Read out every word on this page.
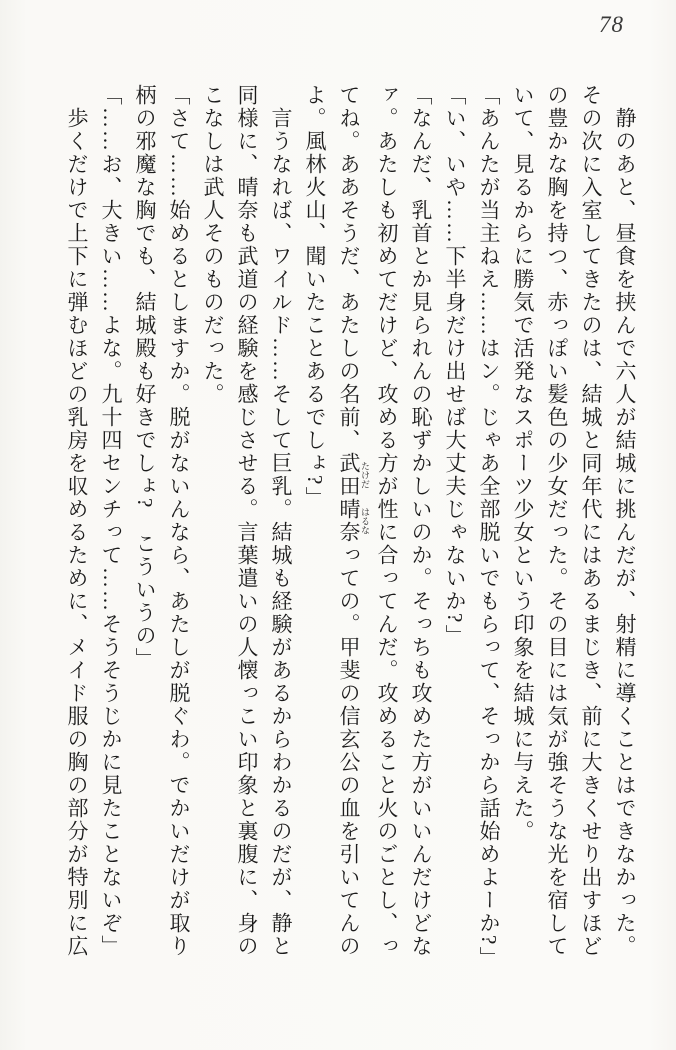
78

静のあと、昼食を挟んで六人が結城に挑んだが、射精に導くことはできなかった。

その次に入室してきたのは、結城と同年代にはあるまじき、前に大きくせり出すほど

の豊かな胸を持つ、赤っぽい髪色の少女だった。その目には気が強そうな光を宿して

いて、見るからに勝気で活発なスポーツ少女という印象を結城に与えた。

「あんたが当主ねえ……はン。じゃあ全部脱いでもらって、そっから話始めよーか?」

「い、いや……下半身だけ出せば大丈夫じゃないか?」

「なんだ、乳首とか見られんの恥ずかしいのか。そっちも攻めた方がいいんだけどな

ァ。あたしも初めてだけど、攻める方が性に合ってんだ。攻めること火のごとし、っ

てね。ああそうだ、あたしの名前、武田 たけだ晴奈 はるなっての。甲斐の信玄公の血を引いてんの

よ。風林火山、聞いたことあるでしょ?」

言うなれば、ワイルド……そして巨乳。結城も経験があるからわかるのだが、静と

同様に、晴奈も武道の経験を感じさせる。言葉遣いの人懐っこい印象と裏腹に、身の

こなしは武人そのものだった。

「さて……始めるとしますか。脱がないんなら、あたしが脱ぐわ。でかいだけが取り

柄の邪魔な胸でも、結城殿も好きでしょ?　こういうの」

「……お、大きい……よな。九十四センチって……そうそうじかに見たことないぞ」

歩くだけで上下に弾むほどの乳房を収めるために、メイド服の胸の部分が特別に広
